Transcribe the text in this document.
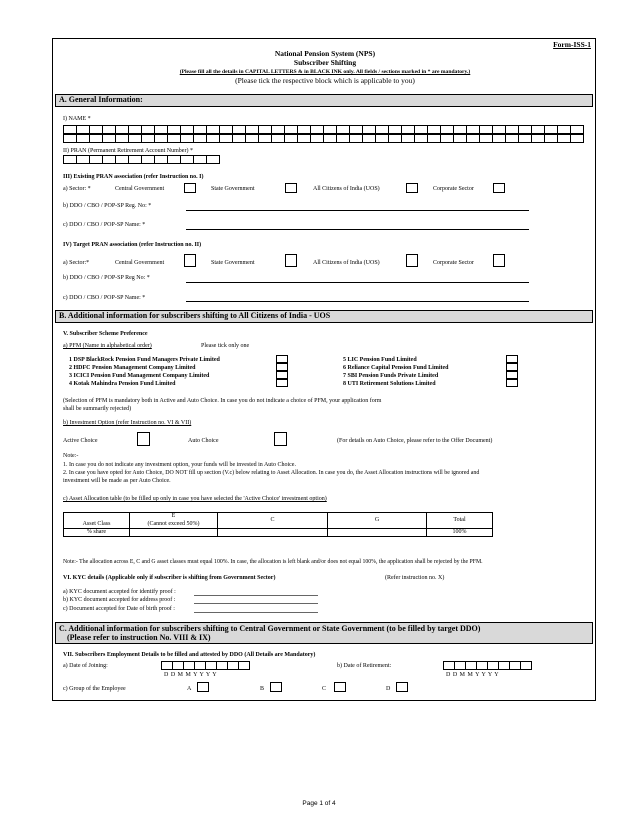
Form-ISS-1
National Pension System (NPS)
Subscriber Shifting
(Please fill all the details in CAPITAL LETTERS & in BLACK INK only. All fields / sections marked in * are mandatory.)
(Please tick the respective block which is applicable to you)
A. General Information:
I) NAME *
II) PRAN (Permanent Retirement Account Number) *
III) Existing PRAN association (refer Instruction no. I)
a) Sector: *	Central Government	State Government	All Citizens of India (UOS)	Corporate Sector
b) DDO / CBO / POP-SP Reg. No: *
c) DDO / CBO / POP-SP Name: *
IV) Target PRAN association (refer Instruction no. II)
a) Sector:*	Central Government	State Government	All Citizens of India (UOS)	Corporate Sector
b) DDO / CBO / POP-SP Reg No: *
c) DDO / CBO / POP-SP Name: *
B. Additional information for subscribers shifting to All Citizens of India - UOS
V. Subscriber Scheme Preference
a) PFM (Name in alphabetical order)	Please tick only one
1 DSP BlackRock Pension Fund Managers Private Limited
2 HDFC Pension Management Company Limited
3 ICICI Pension Fund Management Company Limited
4 Kotak Mahindra Pension Fund Limited
5 LIC Pension Fund Limited
6 Reliance Capital Pension Fund Limited
7 SBI Pension Funds Private Limited
8 UTI Retirement Solutions Limited
(Selection of PFM is mandatory both in Active and Auto Choice. In case you do not indicate a choice of PFM, your application form
shall be summarily rejected)
b) Investment Option (refer Instruction no. VI & VII)
Active Choice	Auto Choice	(For details on Auto Choice, please refer to the Offer Document)
Note:-
1. In case you do not indicate any investment option, your funds will be invested in Auto Choice.
2. In case you have opted for Auto Choice, DO NOT fill up section (V.c) below relating to Asset Allocation. In case you do, the Asset Allocation instructions will be ignored and
investment will be made as per Auto Choice.
c) Asset Allocation table (to be filled up only in case you have selected the 'Active Choice' investment option)
	E	C	G	Total
Asset Class	(Cannot exceed 50%)			
% share				100%
Note:- The allocation across E, C and G asset classes must equal 100%. In case, the allocation is left blank and/or does not equal 100%, the application shall be rejected by the PFM.
VI. KYC details (Applicable only if subscriber is shifting from Government Sector)	(Refer instruction no. X)
a) KYC document accepted for identify proof :
b) KYC document accepted for address proof :
c) Document accepted for Date of birth proof :
C. Additional information for subscribers shifting to Central Government or State Government (to be filled by target DDO)
(Please refer to instruction No. VIII & IX)
VII. Subscribers Employment Details to be filled and attested by DDO (All Details are Mandatory)
a) Date of Joining:
D D M M Y Y Y Y
b) Date of Retirement:
D D M M Y Y Y Y
c) Group of the Employee	A	B	C	D
Page 1 of 4
